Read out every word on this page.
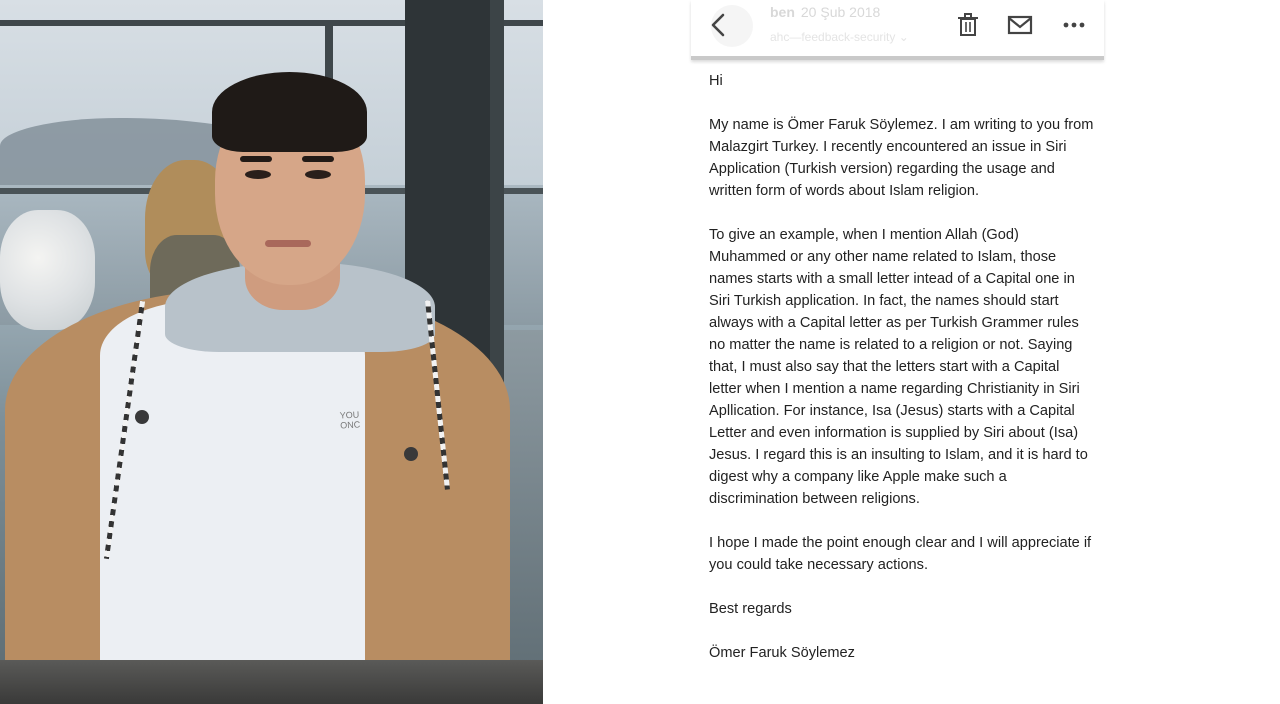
YOU
ONC
ben 20 Şub 2018
ahc—feedback-security ⌄

Hi

My name is Ömer Faruk Söylemez. I am writing to you from Malazgirt Turkey. I recently encountered an issue in Siri Application (Turkish version) regarding the usage and written form of words about Islam religion.

To give an example, when I mention Allah (God) Muhammed or any other name related to Islam, those names starts with a small letter intead of a Capital one in Siri Turkish application. In fact, the names should start always with a Capital letter as per Turkish Grammer rules no matter the name is related to a religion or not. Saying that, I must also say that the letters start with a Capital letter when I mention a name regarding Christianity in Siri Apllication. For instance, Isa (Jesus) starts with a Capital Letter and even information is supplied by Siri about (Isa) Jesus. I regard this is an insulting to Islam, and it is hard to digest why a company like Apple make such a discrimination between religions.

I hope I made the point enough clear and I will appreciate if you could take necessary actions.

Best regards

Ömer Faruk Söylemez
